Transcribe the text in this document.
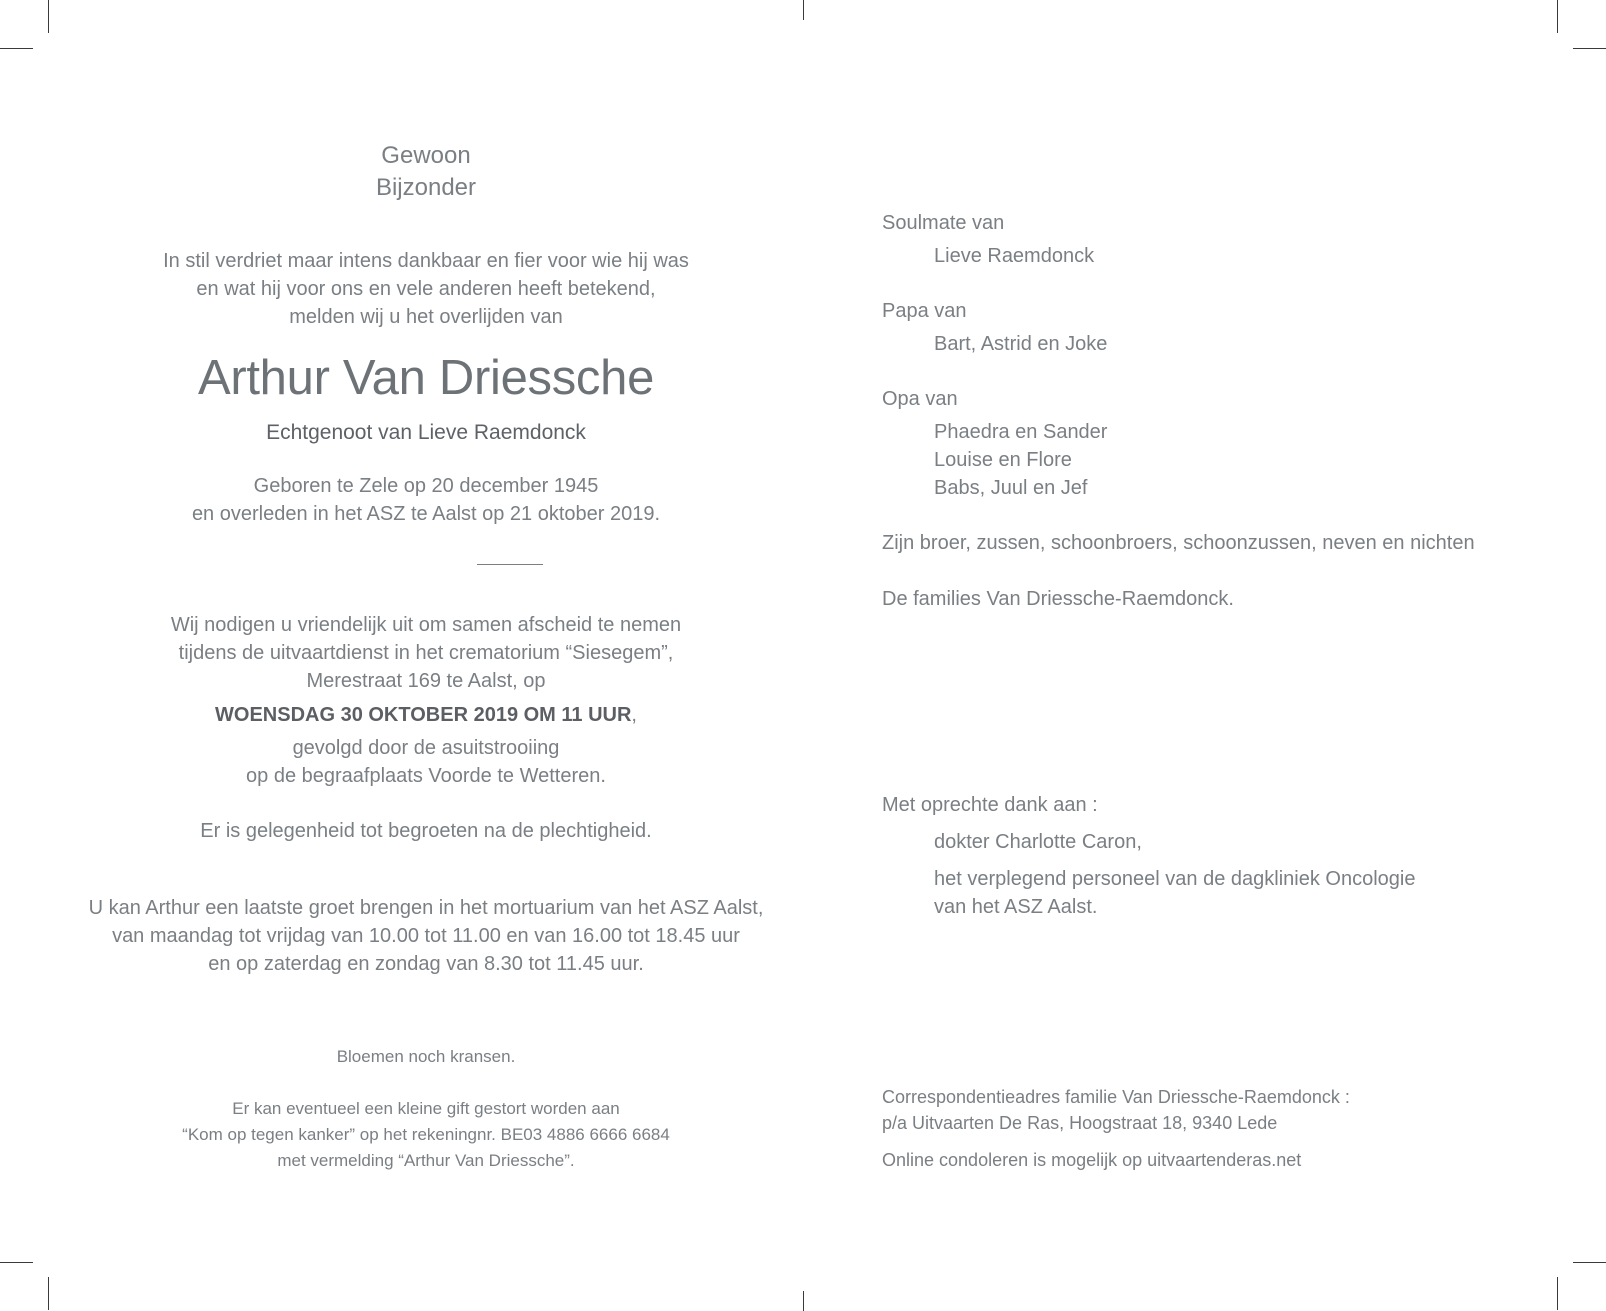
Gewoon
Bijzonder
In stil verdriet maar intens dankbaar en fier voor wie hij was
en wat hij voor ons en vele anderen heeft betekend,
melden wij u het overlijden van
Arthur Van Driessche
Echtgenoot van Lieve Raemdonck
Geboren te Zele op 20 december 1945
en overleden in het ASZ te Aalst op 21 oktober 2019.
Wij nodigen u vriendelijk uit om samen afscheid te nemen
tijdens de uitvaartdienst in het crematorium “Siesegem”,
Merestraat 169 te Aalst, op
WOENSDAG 30 OKTOBER 2019 OM 11 UUR,
gevolgd door de asuitstrooiing
op de begraafplaats Voorde te Wetteren.
Er is gelegenheid tot begroeten na de plechtigheid.
U kan Arthur een laatste groet brengen in het mortuarium van het ASZ Aalst,
van maandag tot vrijdag van 10.00 tot 11.00 en van 16.00 tot 18.45 uur
en op zaterdag en zondag van 8.30 tot 11.45 uur.
Bloemen noch kransen.
Er kan eventueel een kleine gift gestort worden aan
“Kom op tegen kanker” op het rekeningnr. BE03 4886 6666 6684
met vermelding “Arthur Van Driessche”.
Soulmate van
Lieve Raemdonck
Papa van
Bart, Astrid en Joke
Opa van
Phaedra en Sander
Louise en Flore
Babs, Juul en Jef
Zijn broer, zussen, schoonbroers, schoonzussen, neven en nichten
De families Van Driessche-Raemdonck.
Met oprechte dank aan :
dokter Charlotte Caron,
het verplegend personeel van de dagkliniek Oncologie
van het ASZ Aalst.
Correspondentieadres familie Van Driessche-Raemdonck :
p/a Uitvaarten De Ras, Hoogstraat 18, 9340 Lede
Online condoleren is mogelijk op uitvaartenderas.net
